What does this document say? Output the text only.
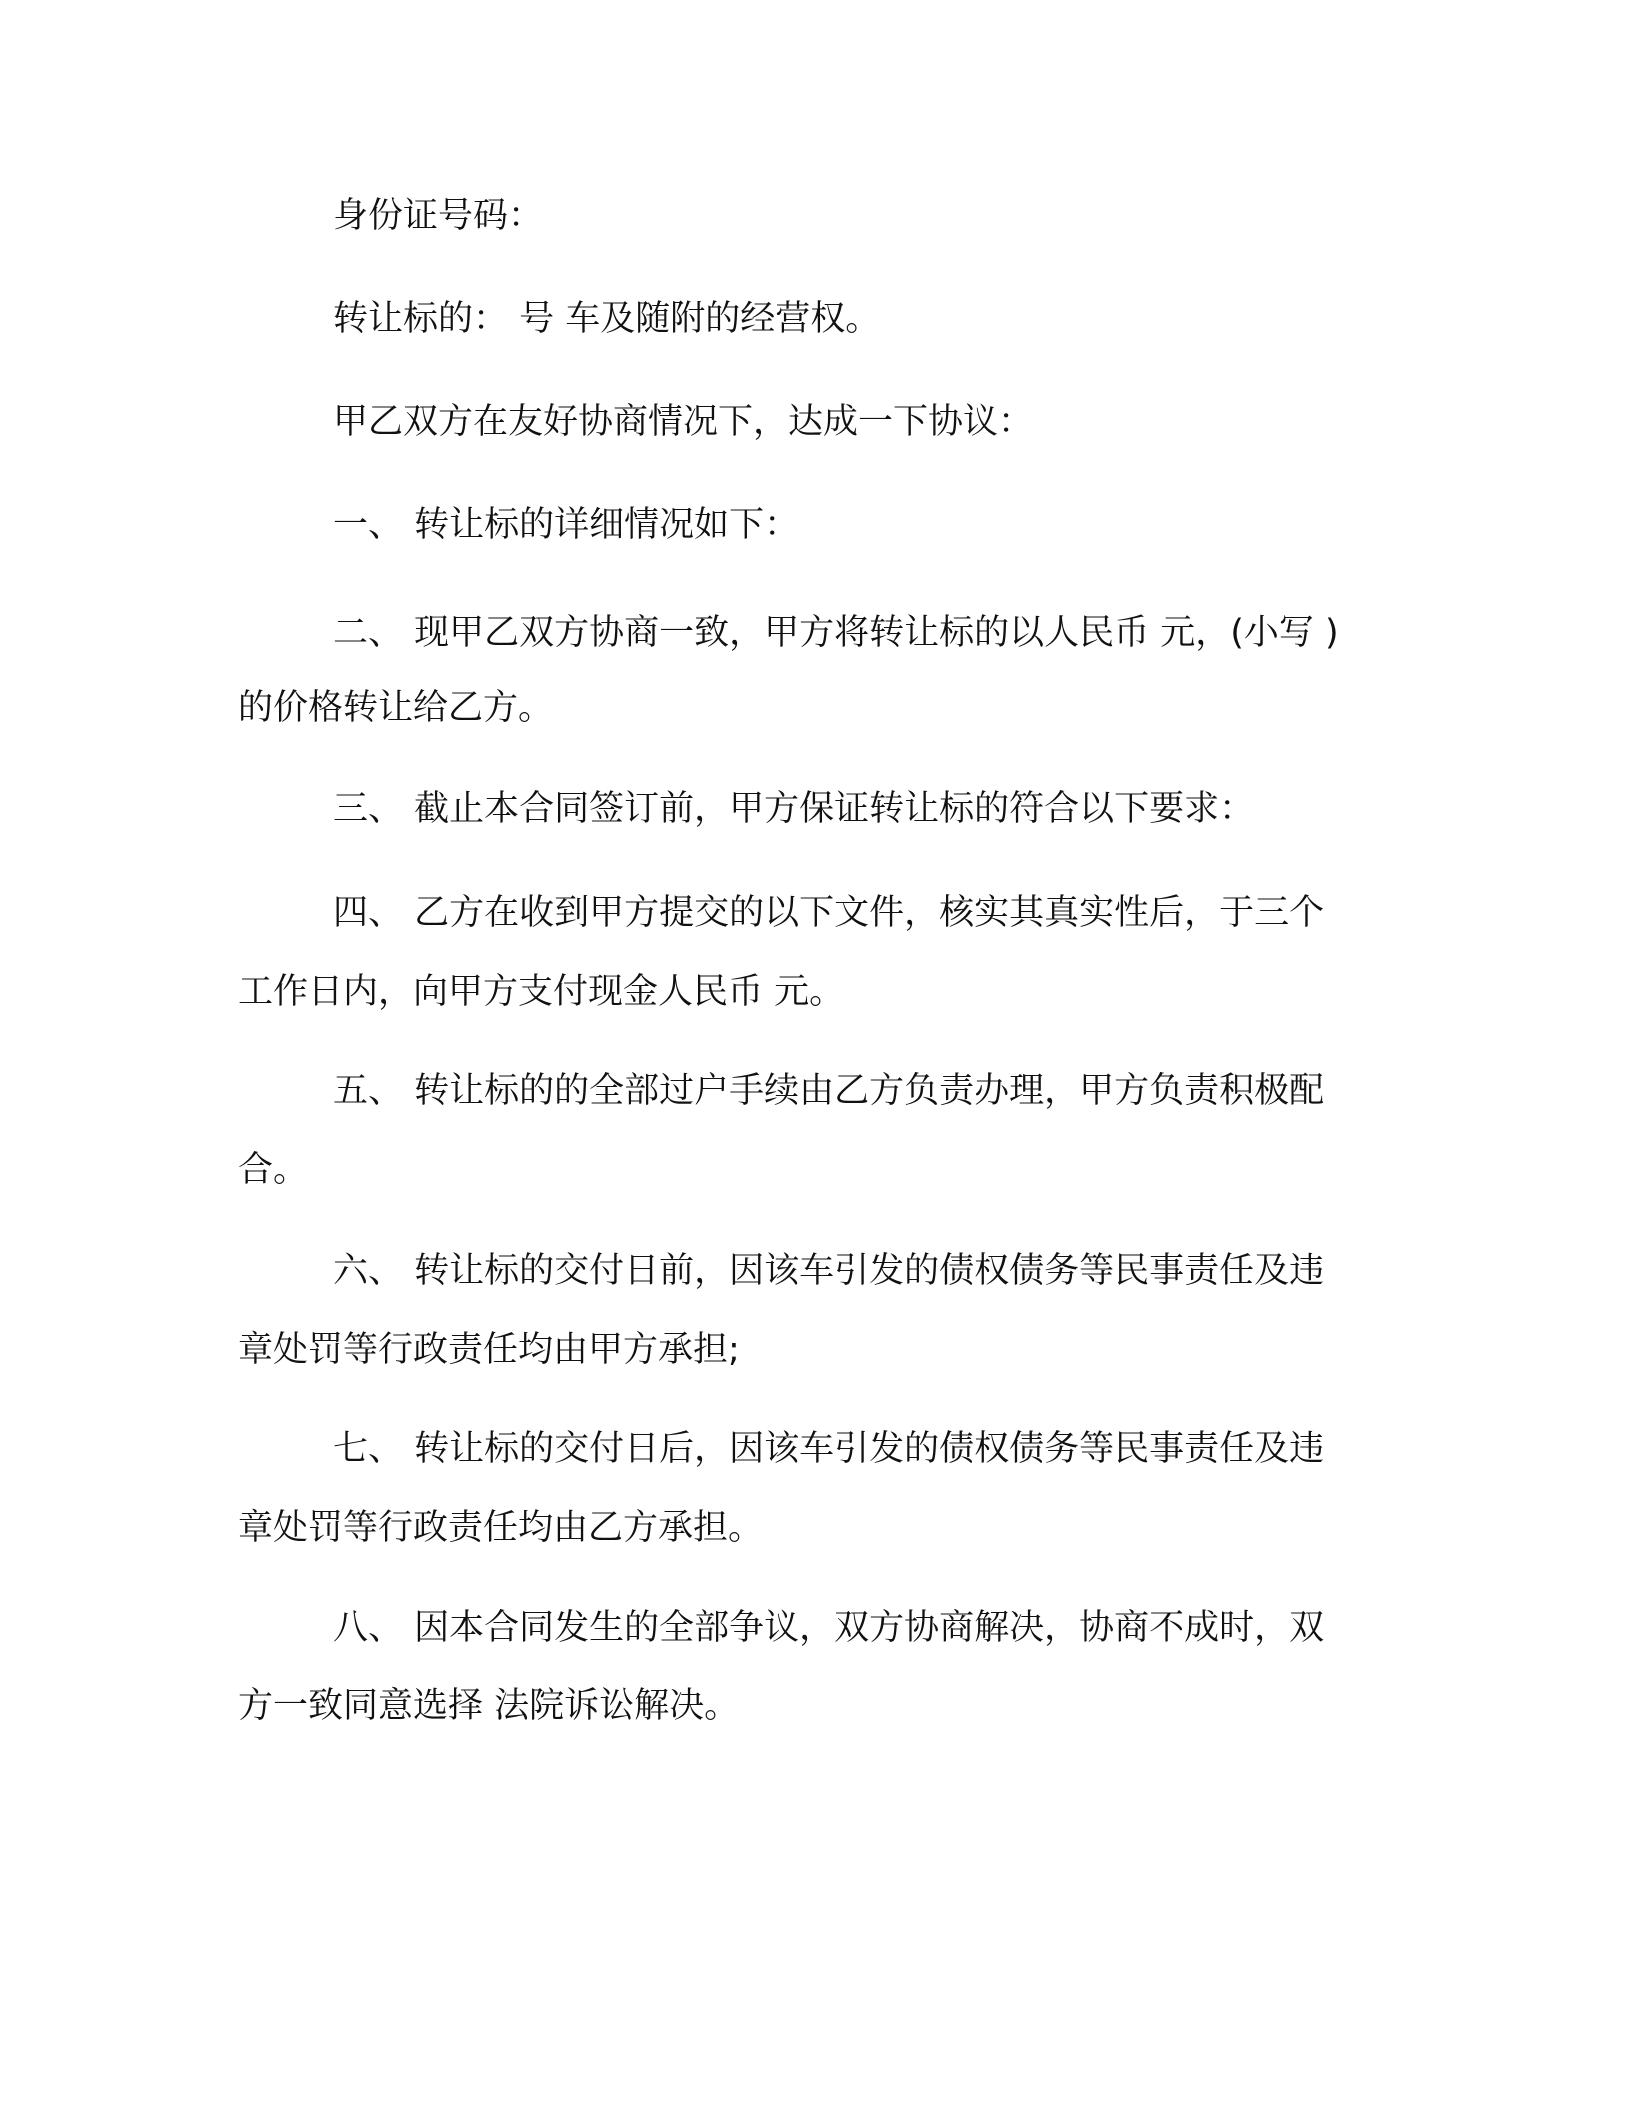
身份证号码：
转让标的： 号 车及随附的经营权。
甲乙双方在友好协商情况下，达成一下协议：
一、 转让标的详细情况如下：
二、 现甲乙双方协商一致，甲方将转让标的以人民币 元，(小写 )
的价格转让给乙方。
三、 截止本合同签订前，甲方保证转让标的符合以下要求：
四、 乙方在收到甲方提交的以下文件，核实其真实性后，于三个
工作日内，向甲方支付现金人民币 元。
五、 转让标的的全部过户手续由乙方负责办理，甲方负责积极配
合。
六、 转让标的交付日前，因该车引发的债权债务等民事责任及违
章处罚等行政责任均由甲方承担;
七、 转让标的交付日后，因该车引发的债权债务等民事责任及违
章处罚等行政责任均由乙方承担。
八、 因本合同发生的全部争议，双方协商解决，协商不成时，双
方一致同意选择 法院诉讼解决。
